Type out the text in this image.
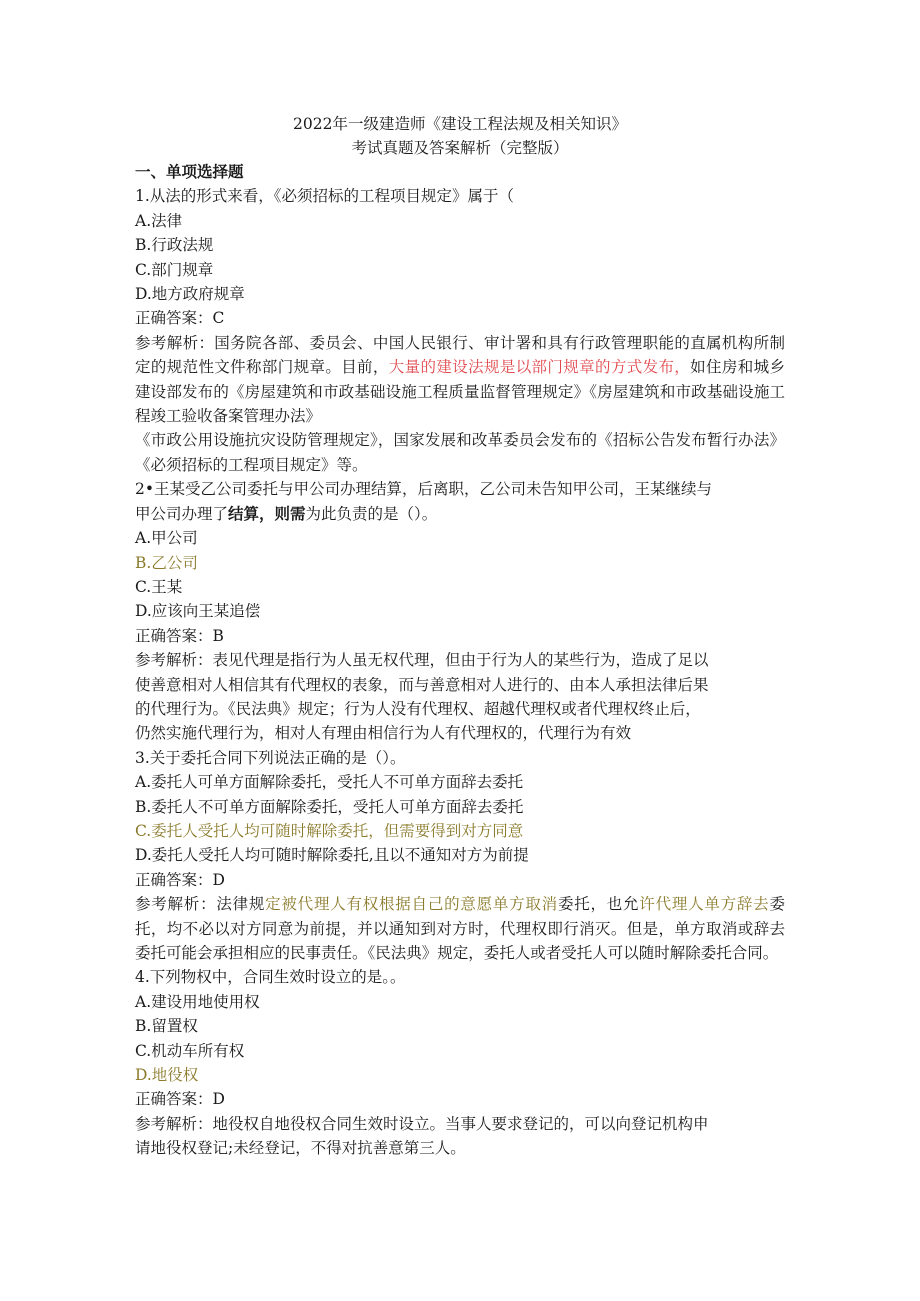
2022年一级建造师《建设工程法规及相关知识》
考试真题及答案解析（完整版）
一、单项选择题
1.从法的形式来看，《必须招标的工程项目规定》属于（
A.法律
B.行政法规
C.部门规章
D.地方政府规章
正确答案：C
参考解析：国务院各部、委员会、中国人民银行、审计署和具有行政管理职能的直属机构所制定的规范性文件称部门规章。目前，大量的建设法规是以部门规章的方式发布，如住房和城乡建设部发布的《房屋建筑和市政基础设施工程质量监督管理规定》《房屋建筑和市政基础设施工程竣工验收备案管理办法》
《市政公用设施抗灾设防管理规定》，国家发展和改革委员会发布的《招标公告发布暂行办法》《必须招标的工程项目规定》等。
2•王某受乙公司委托与甲公司办理结算，后离职，乙公司未告知甲公司，王某继续与
甲公司办理了结算，则需为此负责的是（）。
A.甲公司
B.乙公司
C.王某
D.应该向王某追偿
正确答案：B
参考解析：表见代理是指行为人虽无权代理，但由于行为人的某些行为，造成了足以
使善意相对人相信其有代理权的表象，而与善意相对人进行的、由本人承担法律后果
的代理行为。《民法典》规定；行为人没有代理权、超越代理权或者代理权终止后，
仍然实施代理行为，相对人有理由相信行为人有代理权的，代理行为有效
3.关于委托合同下列说法正确的是（）。
A.委托人可单方面解除委托，受托人不可单方面辞去委托
B.委托人不可单方面解除委托，受托人可单方面辞去委托
C.委托人受托人均可随时解除委托，但需要得到对方同意
D.委托人受托人均可随时解除委托,且以不通知对方为前提
正确答案：D
参考解析：法律规定被代理人有权根据自己的意愿单方取消委托，也允许代理人单方辞去委托，均不必以对方同意为前提，并以通知到对方时，代理权即行消灭。但是，单方取消或辞去委托可能会承担相应的民事责任。《民法典》规定，委托人或者受托人可以随时解除委托合同。
4.下列物权中，合同生效时设立的是。。
A.建设用地使用权
B.留置权
C.机动车所有权
D.地役权
正确答案：D
参考解析：地役权自地役权合同生效时设立。当事人要求登记的，可以向登记机构申
请地役权登记;未经登记，不得对抗善意第三人。
